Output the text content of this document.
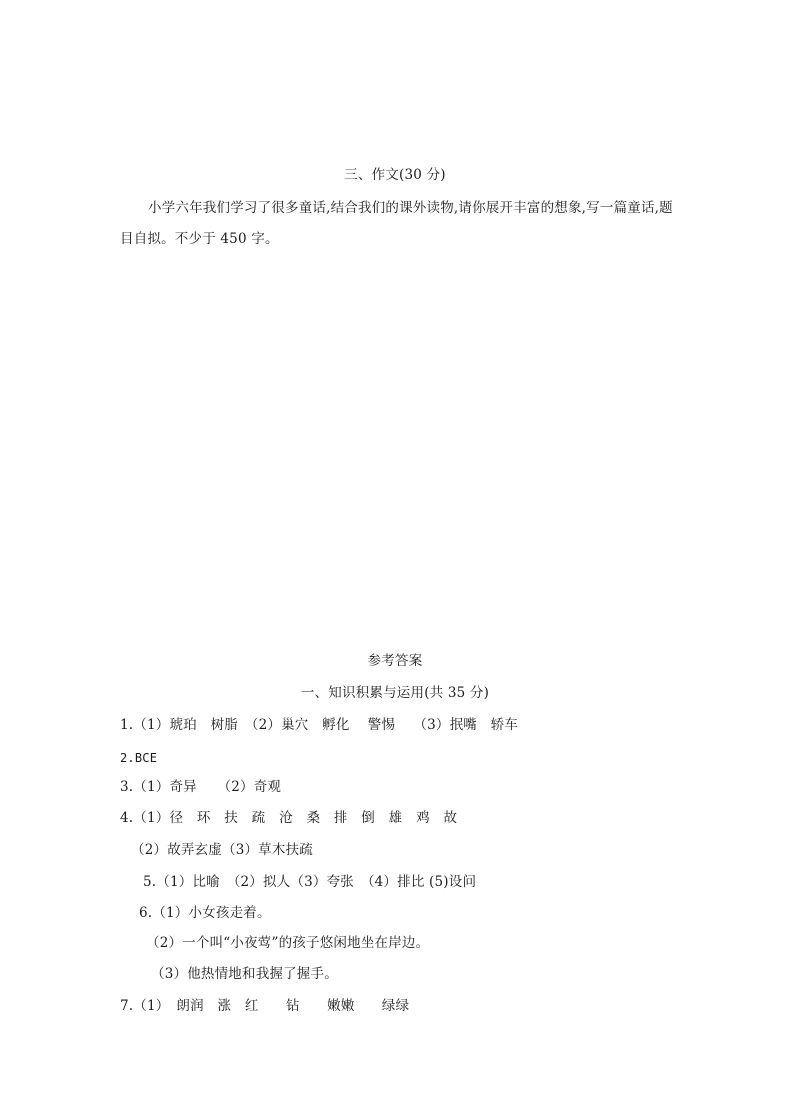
三、作文(30 分)
小学六年我们学习了很多童话,结合我们的课外读物,请你展开丰富的想象,写一篇童话,题目自拟。不少于 450 字。
参考答案
一、知识积累与运用(共 35 分)
1.（1）琥珀　树脂　（2）巢穴　孵化　 警惕　 （3）抿嘴　轿车
2.BCE
3.（1）奇异　　（2）奇观
4.（1）径　环　扶　疏　沧　桑　排　倒　雄　鸡　故
（2）故弄玄虚（3）草木扶疏
5.（1）比喻　（2）拟人（3）夸张　（4）排比 (5)设问
6.（1）小女孩走着。
（2）一个叫“小夜莺”的孩子悠闲地坐在岸边。
（3）他热情地和我握了握手。
7.（1）　朗润　涨　红　　钻　　嫩嫩　　绿绿
